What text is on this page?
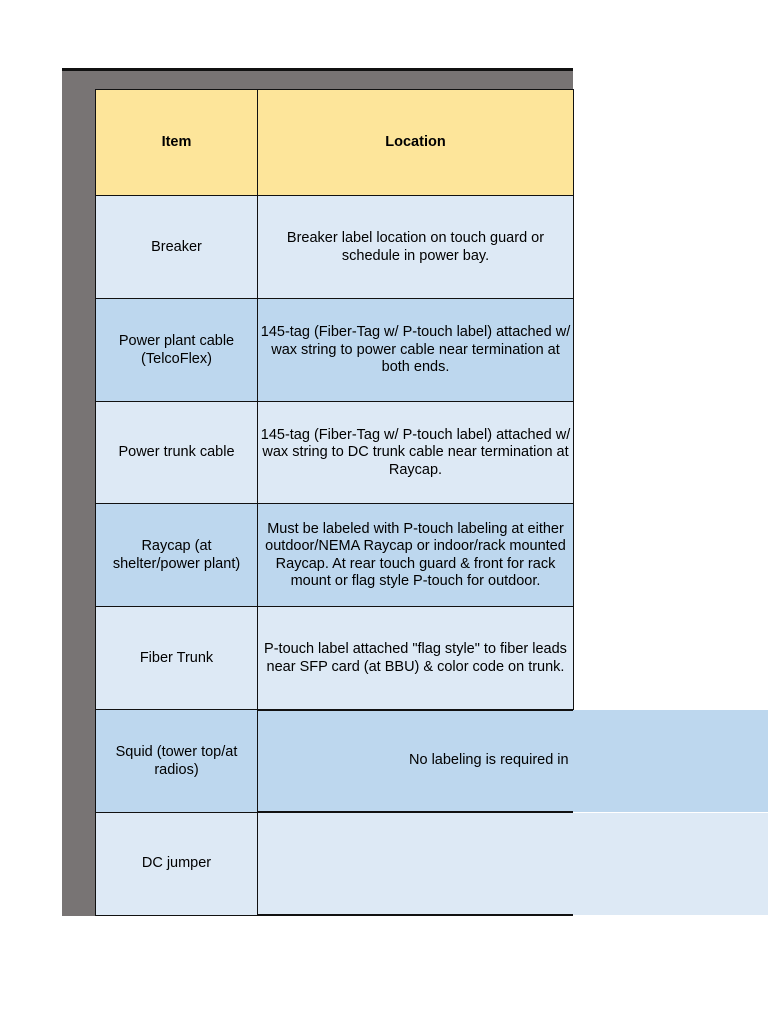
Item	Location
Breaker
Breaker label location on touch guard or schedule in power bay.
Power plant cable (TelcoFlex)
145-tag (Fiber-Tag w/ P-touch label) attached w/ wax string to power cable near termination at both ends.
Power trunk cable
145-tag (Fiber-Tag w/ P-touch label) attached w/ wax string to DC trunk cable near termination at Raycap.
Raycap (at shelter/power plant)
Must be labeled with P-touch labeling at either outdoor/NEMA Raycap or indoor/rack mounted Raycap. At rear touch guard & front for rack mount or flag style P-touch for outdoor.
Fiber Trunk
P-touch label attached "flag style" to fiber leads near SFP card (at BBU) & color code on trunk.
No labeling is required in
Squid (tower top/at radios)
DC jumper
